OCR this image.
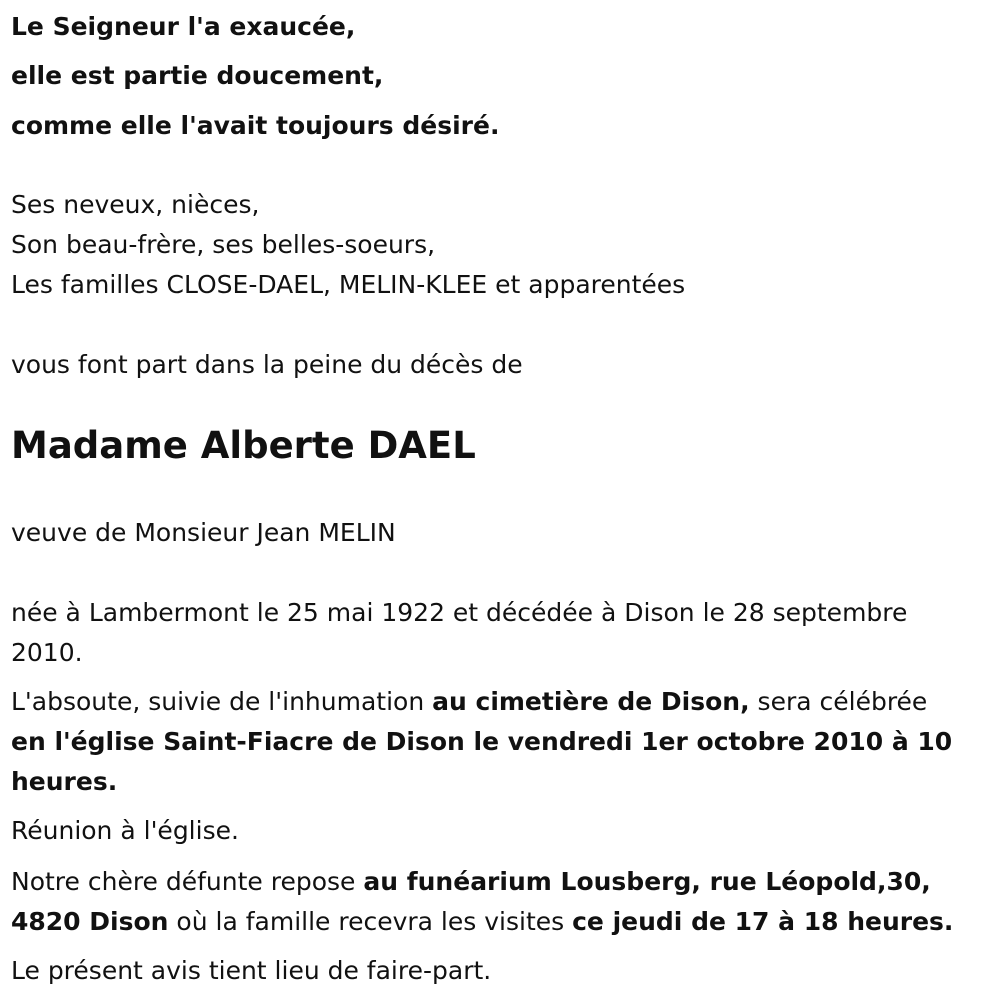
Le Seigneur l'a exaucée,
elle est partie doucement,
comme elle l'avait toujours désiré.
Ses neveux, nièces,
Son beau-frère, ses belles-soeurs,
Les familles CLOSE-DAEL, MELIN-KLEE et apparentées
vous font part dans la peine du décès de
Madame Alberte DAEL
veuve de Monsieur Jean MELIN
née à Lambermont le 25 mai 1922 et décédée à Dison le 28 septembre
2010.
L'absoute, suivie de l'inhumation au cimetière de Dison, sera célébrée
en l'église Saint-Fiacre de Dison le vendredi 1er octobre 2010 à 10
heures.
Réunion à l'église.
Notre chère défunte repose au funéarium Lousberg, rue Léopold,30,
4820 Dison où la famille recevra les visites ce jeudi de 17 à 18 heures.
Le présent avis tient lieu de faire-part.
